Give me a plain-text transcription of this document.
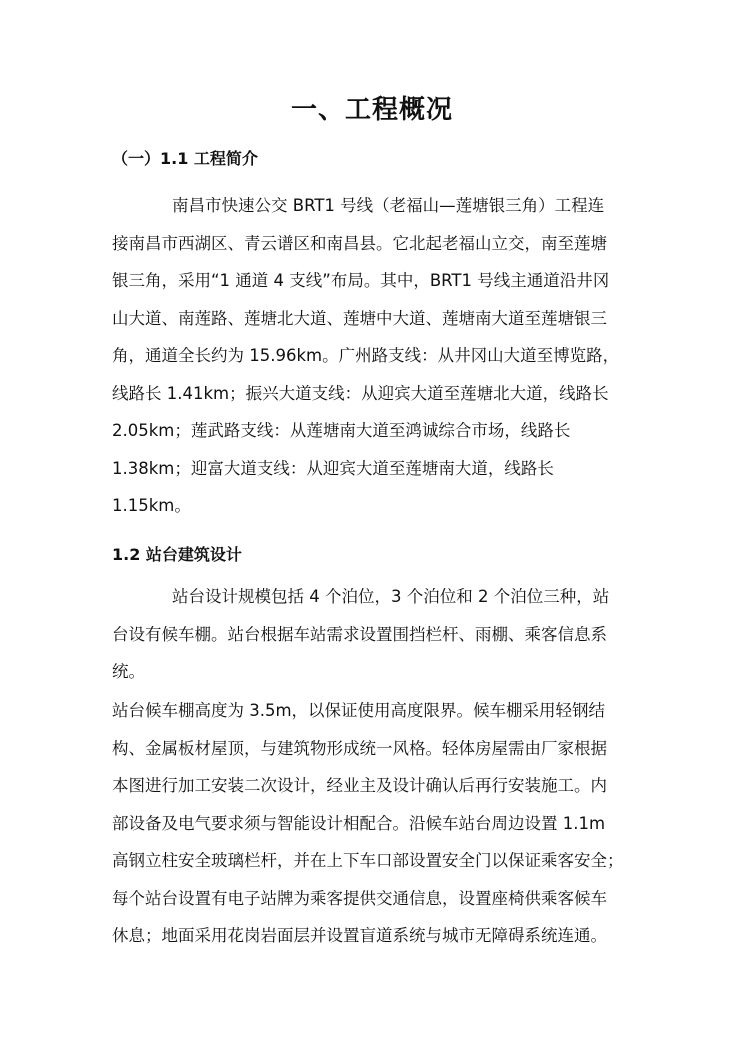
一、工程概况
（一）1.1 工程简介
南昌市快速公交 BRT1 号线（老福山—莲塘银三角）工程连
接南昌市西湖区、青云谱区和南昌县。它北起老福山立交，南至莲塘
银三角，采用“1 通道 4 支线”布局。其中，BRT1 号线主通道沿井冈
山大道、南莲路、莲塘北大道、莲塘中大道、莲塘南大道至莲塘银三
角，通道全长约为 15.96km。广州路支线：从井冈山大道至博览路，
线路长 1.41km；振兴大道支线：从迎宾大道至莲塘北大道，线路长
2.05km；莲武路支线：从莲塘南大道至鸿诚综合市场，线路长
1.38km；迎富大道支线：从迎宾大道至莲塘南大道，线路长
1.15km。
1.2 站台建筑设计
站台设计规模包括 4 个泊位，3 个泊位和 2 个泊位三种，站
台设有候车棚。站台根据车站需求设置围挡栏杆、雨棚、乘客信息系
统。
站台候车棚高度为 3.5m，以保证使用高度限界。候车棚采用轻钢结
构、金属板材屋顶，与建筑物形成统一风格。轻体房屋需由厂家根据
本图进行加工安装二次设计，经业主及设计确认后再行安装施工。内
部设备及电气要求须与智能设计相配合。沿候车站台周边设置 1.1m
高钢立柱安全玻璃栏杆，并在上下车口部设置安全门以保证乘客安全；
每个站台设置有电子站牌为乘客提供交通信息，设置座椅供乘客候车
休息；地面采用花岗岩面层并设置盲道系统与城市无障碍系统连通。
